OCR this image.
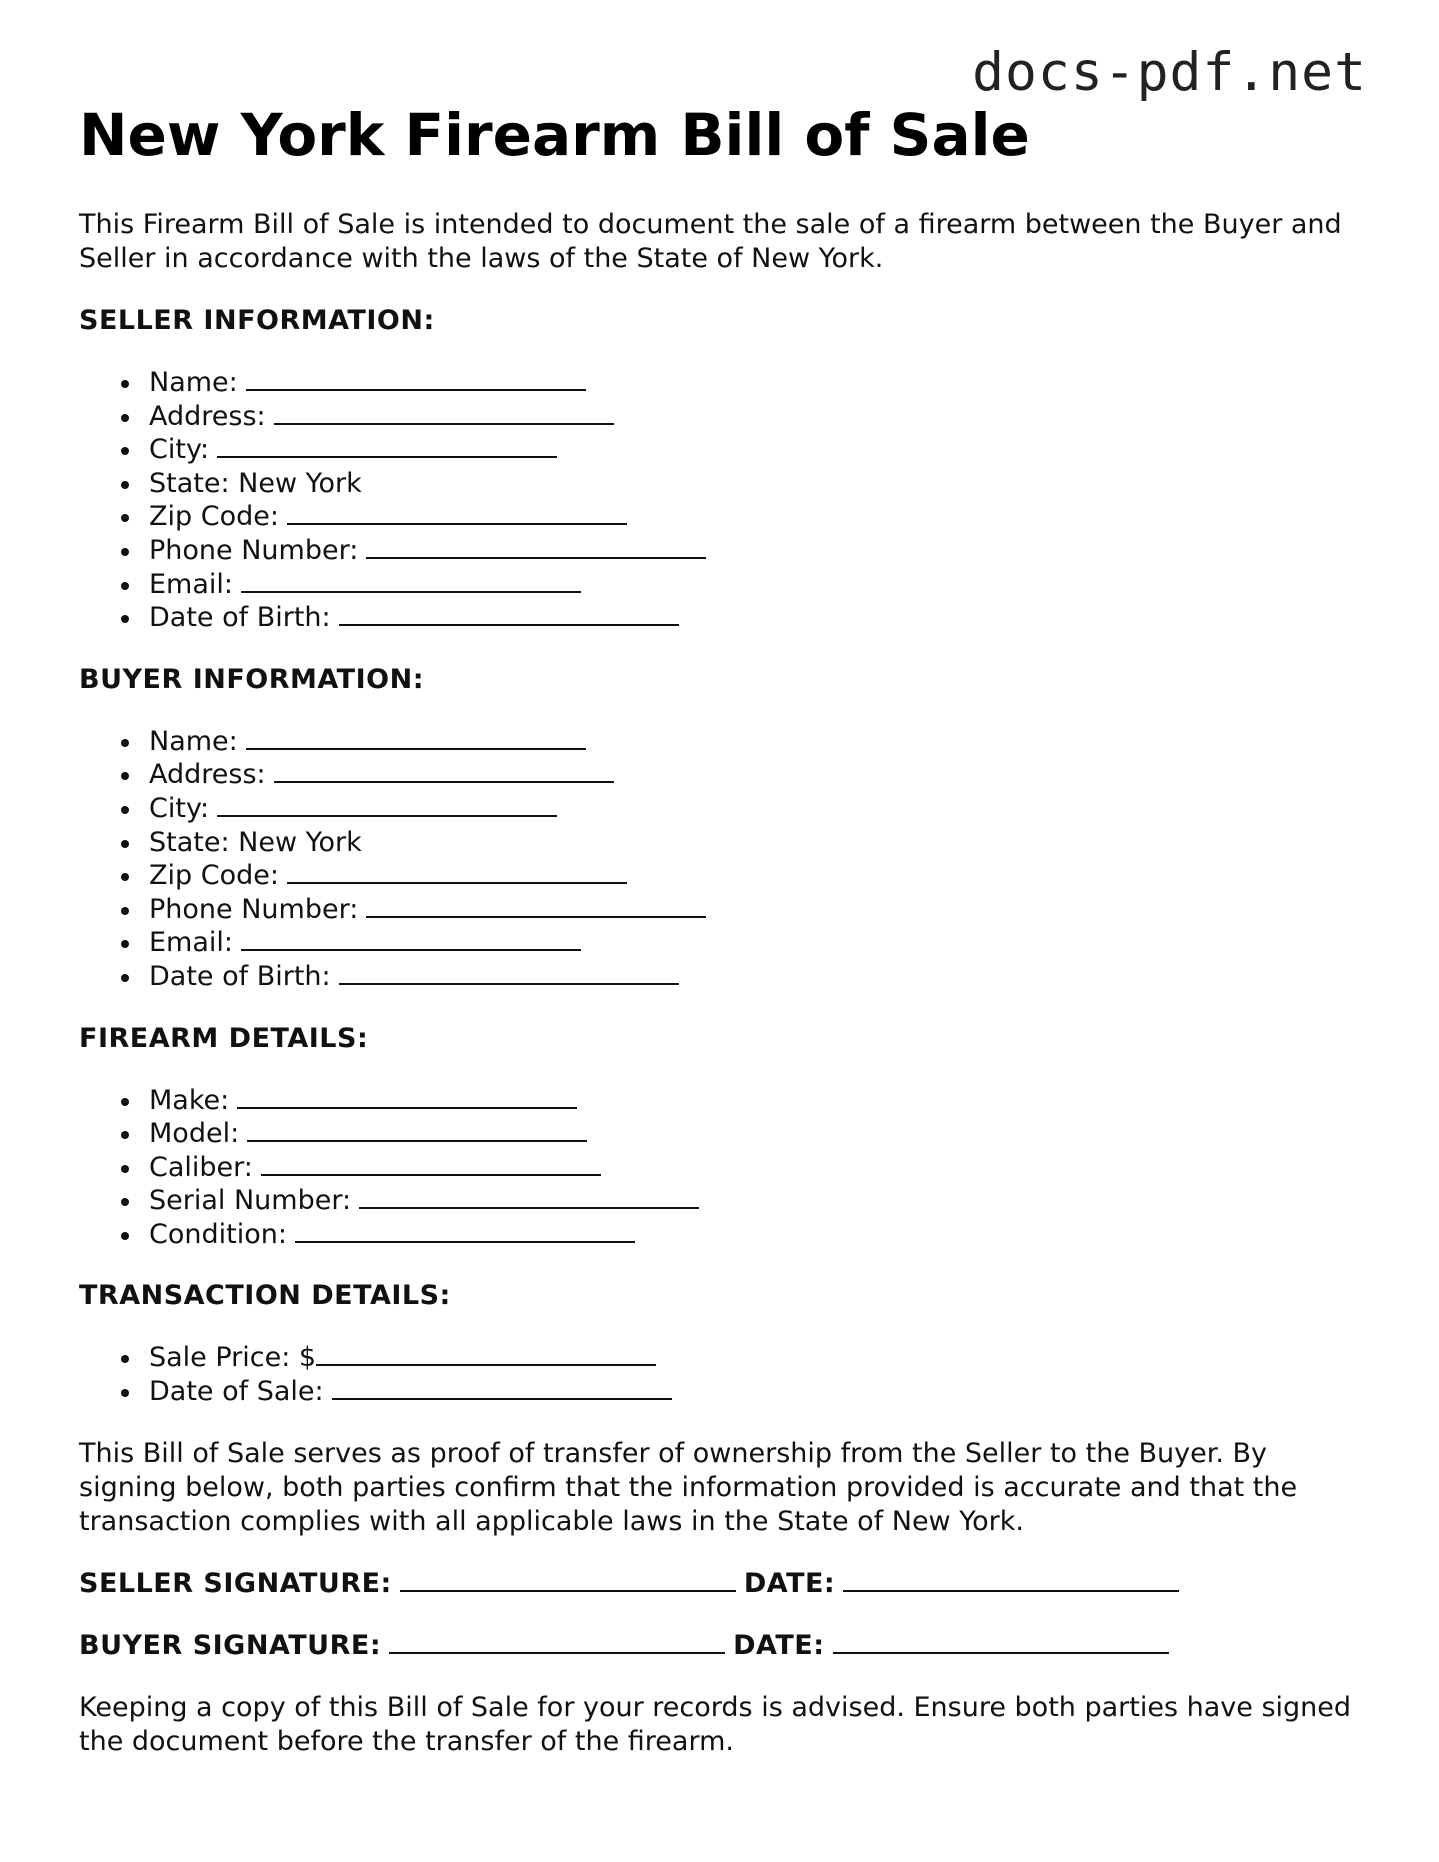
docs-pdf.net
New York Firearm Bill of Sale

This Firearm Bill of Sale is intended to document the sale of a firearm between the Buyer and Seller in accordance with the laws of the State of New York.

SELLER INFORMATION:
Name:
Address:
City:
State: New York
Zip Code:
Phone Number:
Email:
Date of Birth:
BUYER INFORMATION:
Name:
Address:
City:
State: New York
Zip Code:
Phone Number:
Email:
Date of Birth:
FIREARM DETAILS:
Make:
Model:
Caliber:
Serial Number:
Condition:
TRANSACTION DETAILS:
Sale Price: $
Date of Sale:

This Bill of Sale serves as proof of transfer of ownership from the Seller to the Buyer. By signing below, both parties confirm that the information provided is accurate and that the transaction complies with all applicable laws in the State of New York.

SELLER SIGNATURE:	DATE:
BUYER SIGNATURE:	DATE:

Keeping a copy of this Bill of Sale for your records is advised. Ensure both parties have signed the document before the transfer of the firearm.
